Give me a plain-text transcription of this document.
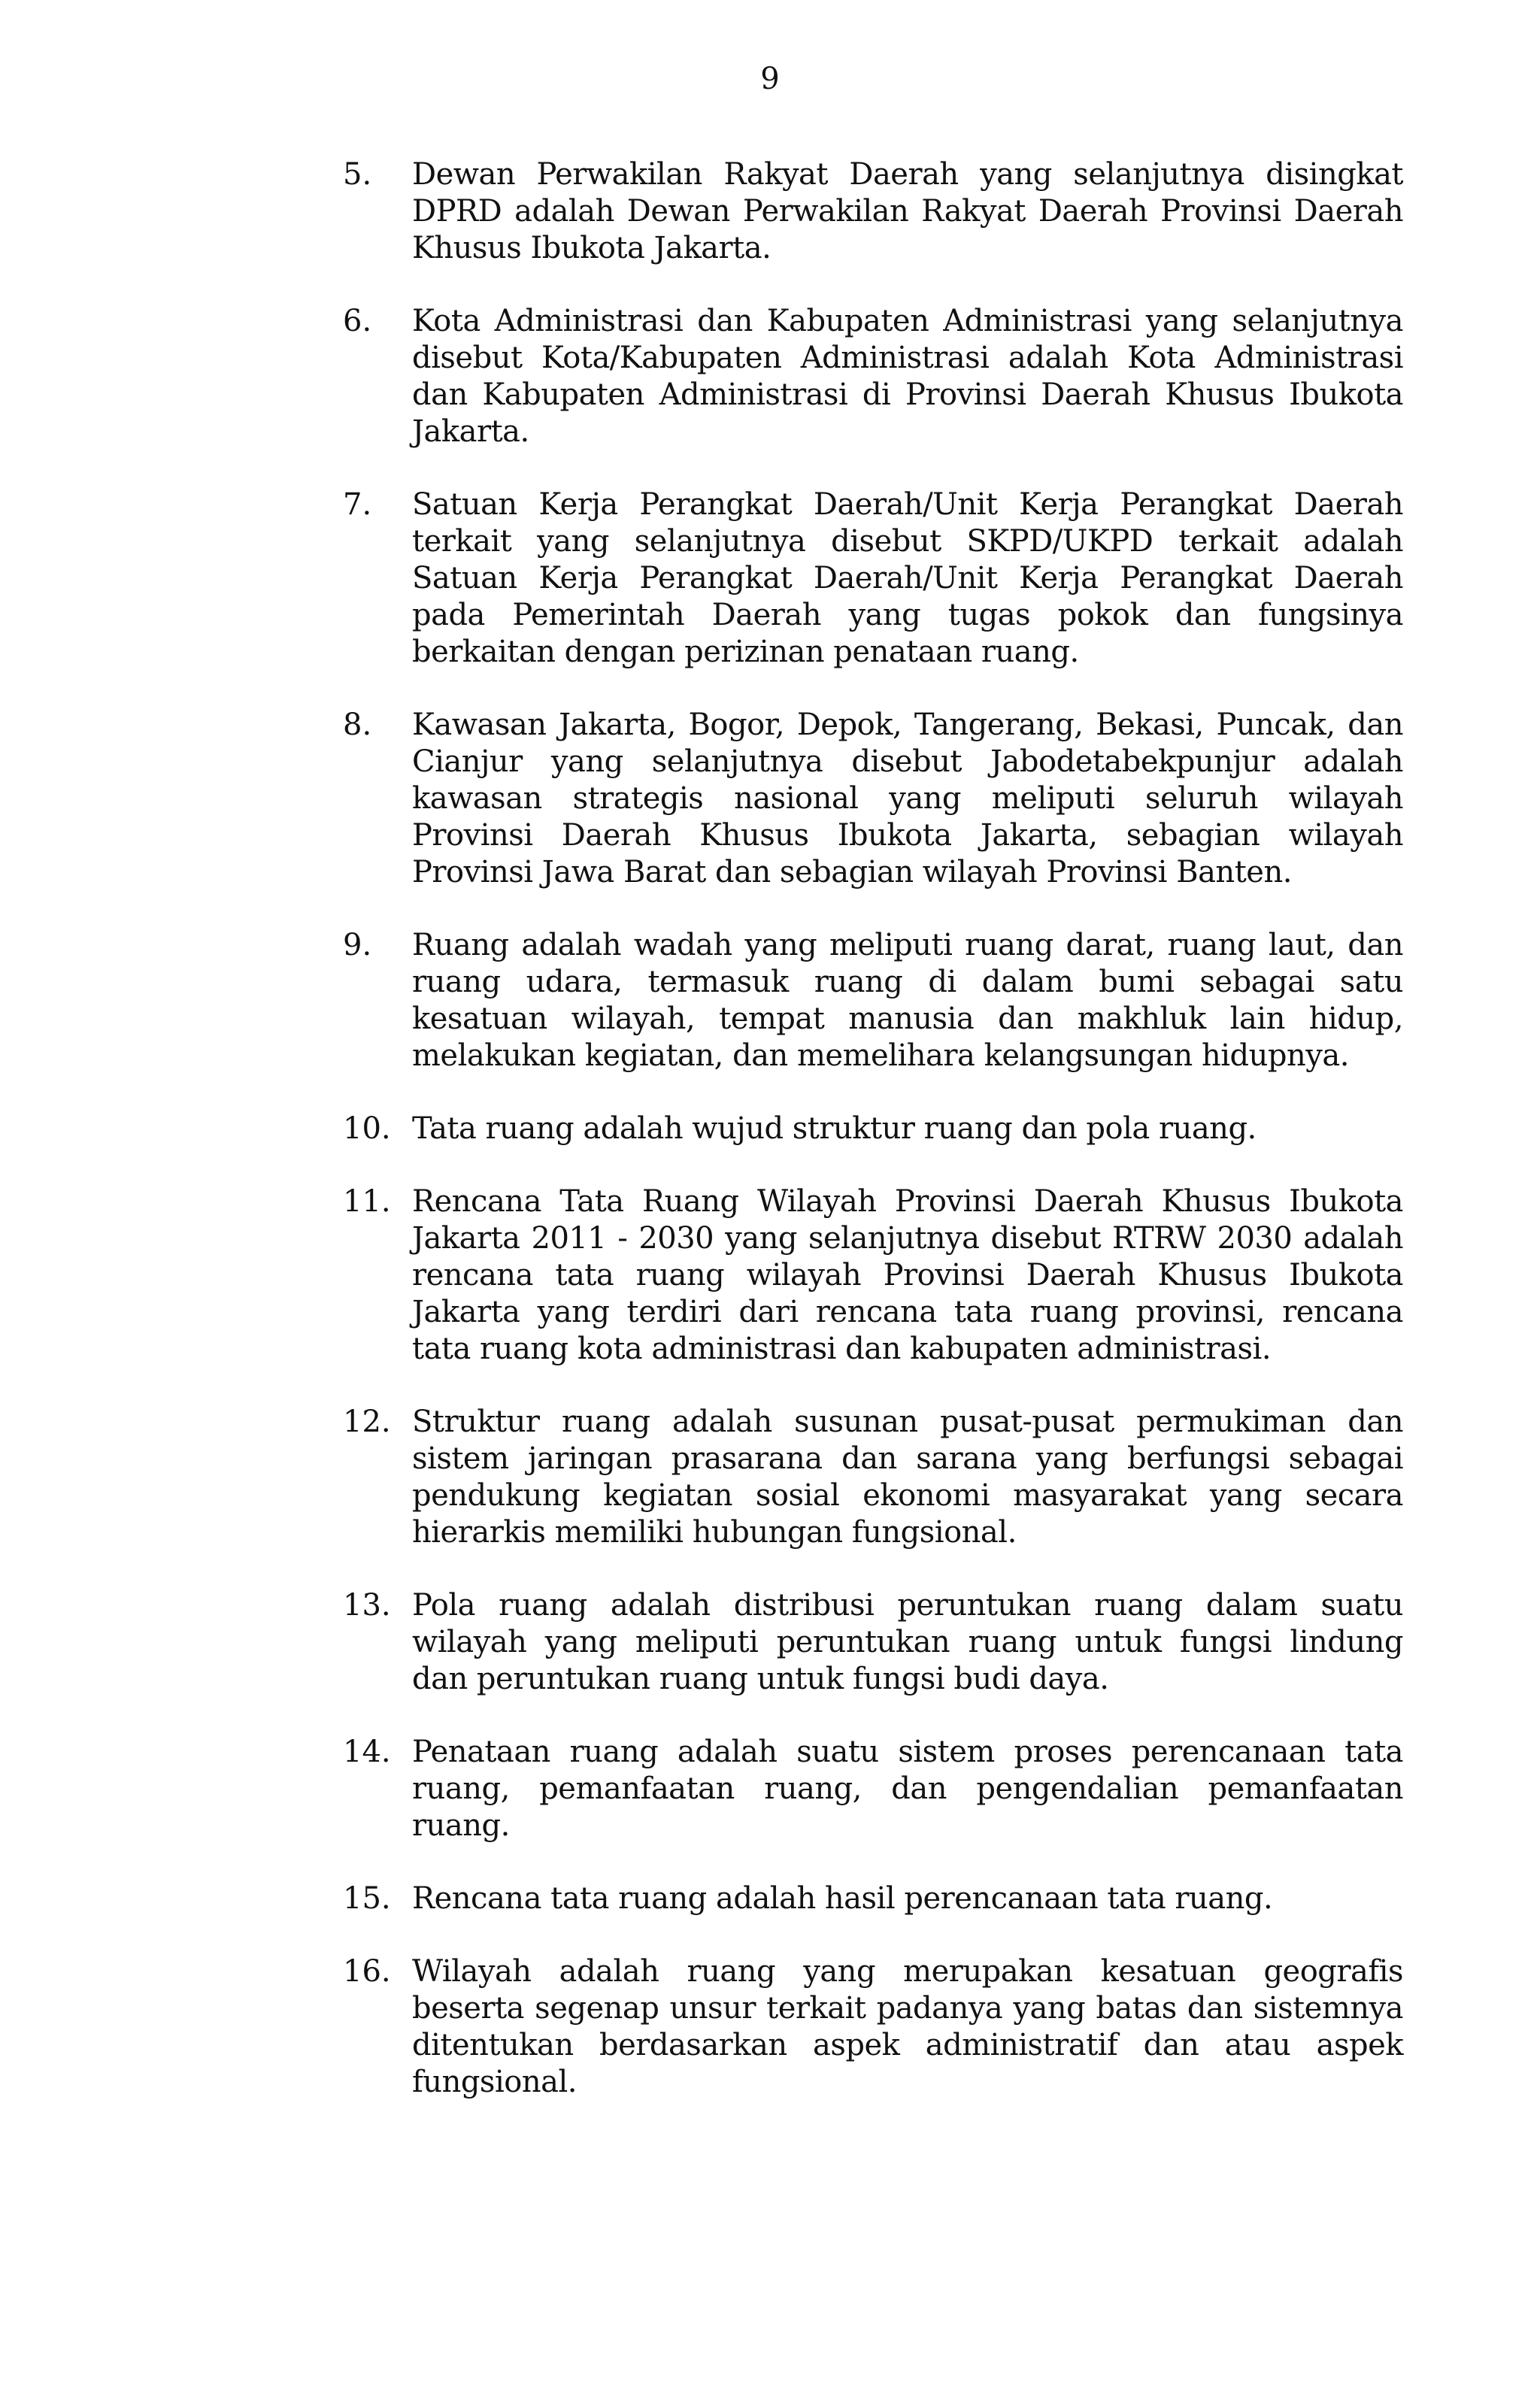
9
5.	Dewan Perwakilan Rakyat Daerah yang selanjutnya disingkat DPRD adalah Dewan Perwakilan Rakyat Daerah Provinsi Daerah Khusus Ibukota Jakarta.
6.	Kota Administrasi dan Kabupaten Administrasi yang selanjutnya disebut Kota/Kabupaten Administrasi adalah Kota Administrasi dan Kabupaten Administrasi di Provinsi Daerah Khusus Ibukota Jakarta.
7.	Satuan Kerja Perangkat Daerah/Unit Kerja Perangkat Daerah terkait yang selanjutnya disebut SKPD/UKPD terkait adalah Satuan Kerja Perangkat Daerah/Unit Kerja Perangkat Daerah pada Pemerintah Daerah yang tugas pokok dan fungsinya berkaitan dengan perizinan penataan ruang.
8.	Kawasan Jakarta, Bogor, Depok, Tangerang, Bekasi, Puncak, dan Cianjur yang selanjutnya disebut Jabodetabekpunjur adalah kawasan strategis nasional yang meliputi seluruh wilayah Provinsi Daerah Khusus Ibukota Jakarta, sebagian wilayah Provinsi Jawa Barat dan sebagian wilayah Provinsi Banten.
9.	Ruang adalah wadah yang meliputi ruang darat, ruang laut, dan ruang udara, termasuk ruang di dalam bumi sebagai satu kesatuan wilayah, tempat manusia dan makhluk lain hidup, melakukan kegiatan, dan memelihara kelangsungan hidupnya.
10. Tata ruang adalah wujud struktur ruang dan pola ruang.
11. Rencana Tata Ruang Wilayah Provinsi Daerah Khusus Ibukota Jakarta 2011 - 2030 yang selanjutnya disebut RTRW 2030 adalah rencana tata ruang wilayah Provinsi Daerah Khusus Ibukota Jakarta yang terdiri dari rencana tata ruang provinsi, rencana tata ruang kota administrasi dan kabupaten administrasi.
12. Struktur ruang adalah susunan pusat-pusat permukiman dan sistem jaringan prasarana dan sarana yang berfungsi sebagai pendukung kegiatan sosial ekonomi masyarakat yang secara hierarkis memiliki hubungan fungsional.
13. Pola ruang adalah distribusi peruntukan ruang dalam suatu wilayah yang meliputi peruntukan ruang untuk fungsi lindung dan peruntukan ruang untuk fungsi budi daya.
14. Penataan ruang adalah suatu sistem proses perencanaan tata ruang, pemanfaatan ruang, dan pengendalian pemanfaatan ruang.
15. Rencana tata ruang adalah hasil perencanaan tata ruang.
16. Wilayah adalah ruang yang merupakan kesatuan geografis beserta segenap unsur terkait padanya yang batas dan sistemnya ditentukan berdasarkan aspek administratif dan atau aspek fungsional.
